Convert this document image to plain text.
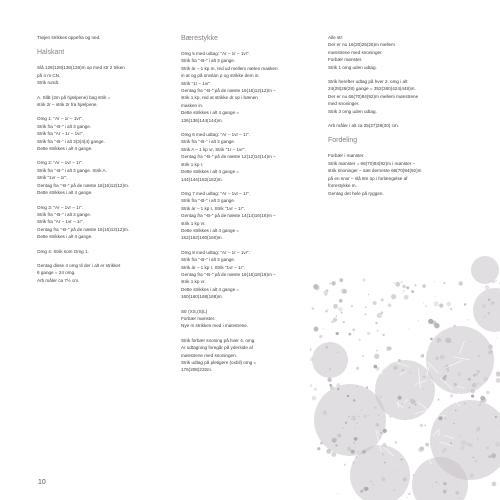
Trøjen strikkes oppefra og ned.
Halskant
Slå 128(128)136(136)m op med str 2 triken
på 4 m CN.
Strik rundt.
A. Slåt (2m på hjælpene) bag strik =
strik 2r – strik 2r fra hjælpene.
Omg 1: "Ar – 1r – 1vr".
Strik fra "-B-" i alt 3 gange.
Strik fra "Ar – 1r – 1vr".
Strik fra "-B-" i alt 3(3)4(4) gange.
Dette strikkes i alt 4 gange.
Omg 2: "Ar – 1vr – 1r".
Strik fra "-B-" i alt 3 gange. Strik A.
Strik "1vr – 1r".
Gentag fra "-B-" på de næste 16(16)12(12)m.
Dette strikkes i alt 4 gange.
Omg 3: "Ar – 1vr – 1r".
Strik fra "-B-" i alt 3 gange.
Strik fra "Ar – 1vr – 1r".
Gentag fra "-B-" på de næste 16(16)12(12)m.
Dette strikkes i alt 4 gange.
Omg 4: Strik som Omg 1.
Gentag disse 4 omg til der i alt er strikket
6 gange = 24 omg.
Arb måler ca 7½ cm.
Bærestykke
Omg 5 med udtag: "Ar – 1r – 1vr".
Strik fra "-B-" i alt 3 gange.
Strik ár – 1 kp m, red ud mellem nælen masken
in at og på omslán p og strikke dem in.
Strik "1r – 1vr".
Gentag fra "-B-" på de næste 16(16)12(12)m –
strik 1 kp, red at strikke dr op i bænen
masken in.
Dette strikkes i alt 4 gange =
136(136)144(144)m.
Omg 6 med udtag: "Ar – 1vr – 1r".
Strik fra "-B-" i alt 3 gange.
Strik A – 1 kp vr, Strik "1r – 1vr".
Gentag fra "-B-" på de næste 12(12)14(14)m –
strik 1 kp r.
Dette strikkes i alt 4 gange =
144(144)152(152)m.
Omg 7 med udtag: "Ar – 1vr – 1r".
Strik fra "-B-" i alt 3 gange.
Strik ár – 1 kp r, Strik "1vr – 1r".
Gentag fra "-B-" på de næste 14(14)16(16)m –
strik 1 kp vr.
Dette strikkes i alt 4 gange =
152(152)160(160)m.
Omg 8 med udtag: "Ar – 1r – 1vr".
Strik fra "-B-" i alt 3 gange.
Strik ár – 1 kp r, Strik "1vr – 1r".
Gentag fra "-B-" på de næste 16(16)18(18)m –
strik 1 kp vr.
Dette strikkes i alt 4 gange =
160(160)168(168)m.
Str (XS,(S)L)
Forbær mønster.
Nye m strikkes med i mønstrene.
Strik forbær snoning på hver 4. omg.
Ar udtagning foregår på yderside af
mønstrene med snoningen.
Strik udtag på pletigere (oxbil) omg =
176(208)232m.
Alle str:
Der er nu 16(20)26(26)m mellem
mønstrene med snoninger.
Forbær mønster.
Strik 1 omg uden udtag.
Strik herefter udtag på hver 2. omg i alt
24(28)28(28) gange = 352(360)424(448)m.
Der er nu 66(70)84(92)m mellem mønstrene
med snoninger.
Strik 3 omg uden udtag.
Arb måler i alt ca 25(27)28(30) cm.
Fordeling
Forbær i mønster.
Strik mønster = 66(70)84(92)m i mønster –
strik snoninger – sæt derneste 66(70)84(92)m
på en snor – slå 8m op i forlængelse af
forrestykke m.
Gentag det hele på ryggen.
10
